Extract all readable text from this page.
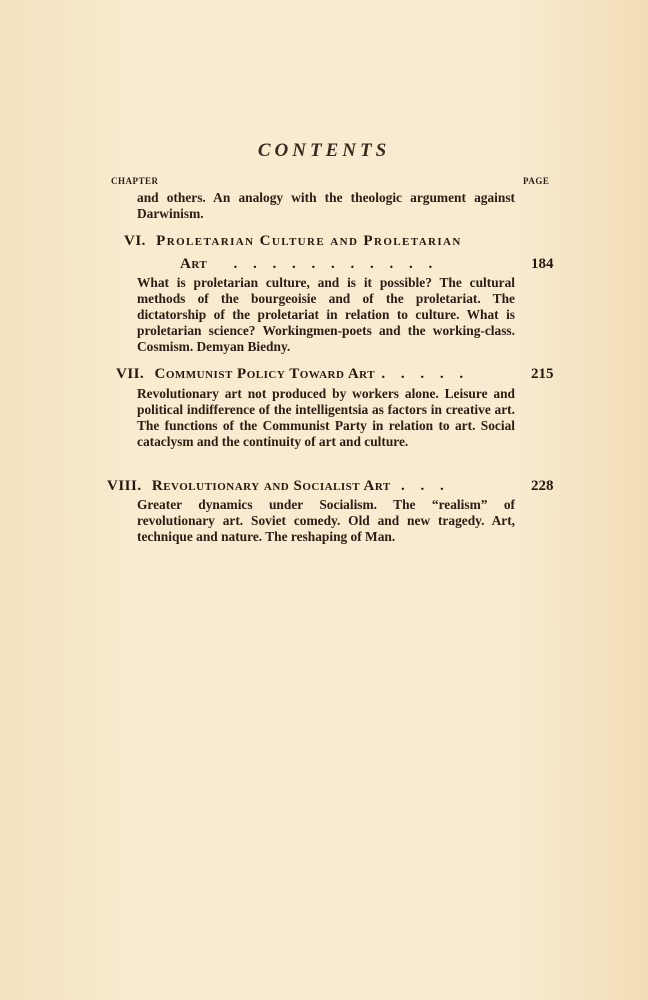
CONTENTS
CHAPTER	PAGE
and others. An analogy with the theologic argument against Darwinism.
VI. Proletarian Culture and Proletarian
Art . . . . . . . . . . .	184
What is proletarian culture, and is it possible? The cultural methods of the bourgeoisie and of the proletariat. The dictatorship of the proletariat in relation to culture. What is proletarian science? Workingmen-poets and the working-class. Cosmism. Demyan Biedny.
VII. Communist Policy Toward Art . . . . .	215
Revolutionary art not produced by workers alone. Leisure and political indifference of the intelligentsia as factors in creative art. The functions of the Communist Party in relation to art. Social cataclysm and the continuity of art and culture.
VIII. Revolutionary and Socialist Art . . .	228
Greater dynamics under Socialism. The “realism” of revolutionary art. Soviet comedy. Old and new tragedy. Art, technique and nature. The reshaping of Man.
